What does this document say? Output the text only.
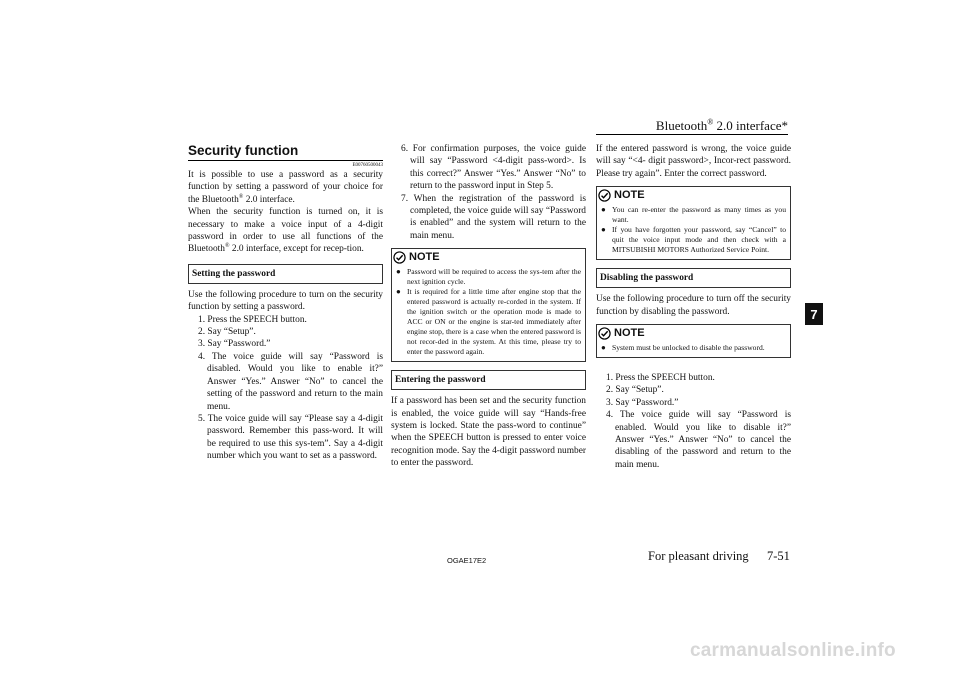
Bluetooth® 2.0 interface*
7
Security function

E00760500043

It is possible to use a password as a security function by setting a password of your choice for the Bluetooth® 2.0 interface.

When the security function is turned on, it is necessary to make a voice input of a 4-digit password in order to use all functions of the Bluetooth® 2.0 interface, except for recep-tion.

Setting the password

Use the following procedure to turn on the security function by setting a password.

1. Press the SPEECH button.
2. Say “Setup”.
3. Say “Password.”
4. The voice guide will say “Password is disabled. Would you like to enable it?” Answer “Yes.” Answer “No” to cancel the setting of the password and return to the main menu.
5. The voice guide will say “Please say a 4-digit password. Remember this pass-word. It will be required to use this sys-tem”. Say a 4-digit number which you want to set as a password.
6. For confirmation purposes, the voice guide will say “Password <4-digit pass-word>. Is this correct?” Answer “Yes.” Answer “No” to return to the password input in Step 5.
7. When the registration of the password is completed, the voice guide will say “Password is enabled” and the system will return to the main menu.
NOTE
● Password will be required to access the sys-tem after the next ignition cycle.
● It is required for a little time after engine stop that the entered password is actually re-corded in the system. If the ignition switch or the operation mode is made to ACC or ON or the engine is star-ted immediately after engine stop, there is a case when the entered password is not recor-ded in the system. At this time, please try to enter the password again.
Entering the password

If a password has been set and the security function is enabled, the voice guide will say “Hands-free system is locked. State the pass-word to continue” when the SPEECH button is pressed to enter voice recognition mode. Say the 4-digit password number to enter the password.

If the entered password is wrong, the voice guide will say “<4- digit password>, Incor-rect password. Please try again”. Enter the correct password.

NOTE
● You can re-enter the password as many times as you want.
● If you have forgotten your password, say “Cancel” to quit the voice input mode and then check with a MITSUBISHI MOTORS Authorized Service Point.
Disabling the password

Use the following procedure to turn off the security function by disabling the password.

NOTE
● System must be unlocked to disable the password.
1. Press the SPEECH button.
2. Say “Setup”.
3. Say “Password.”
4. The voice guide will say “Password is enabled. Would you like to disable it?” Answer “Yes.” Answer “No” to cancel the disabling of the password and return to the main menu.
OGAE17E2	For pleasant driving 7-51
carmanualsonline.info
